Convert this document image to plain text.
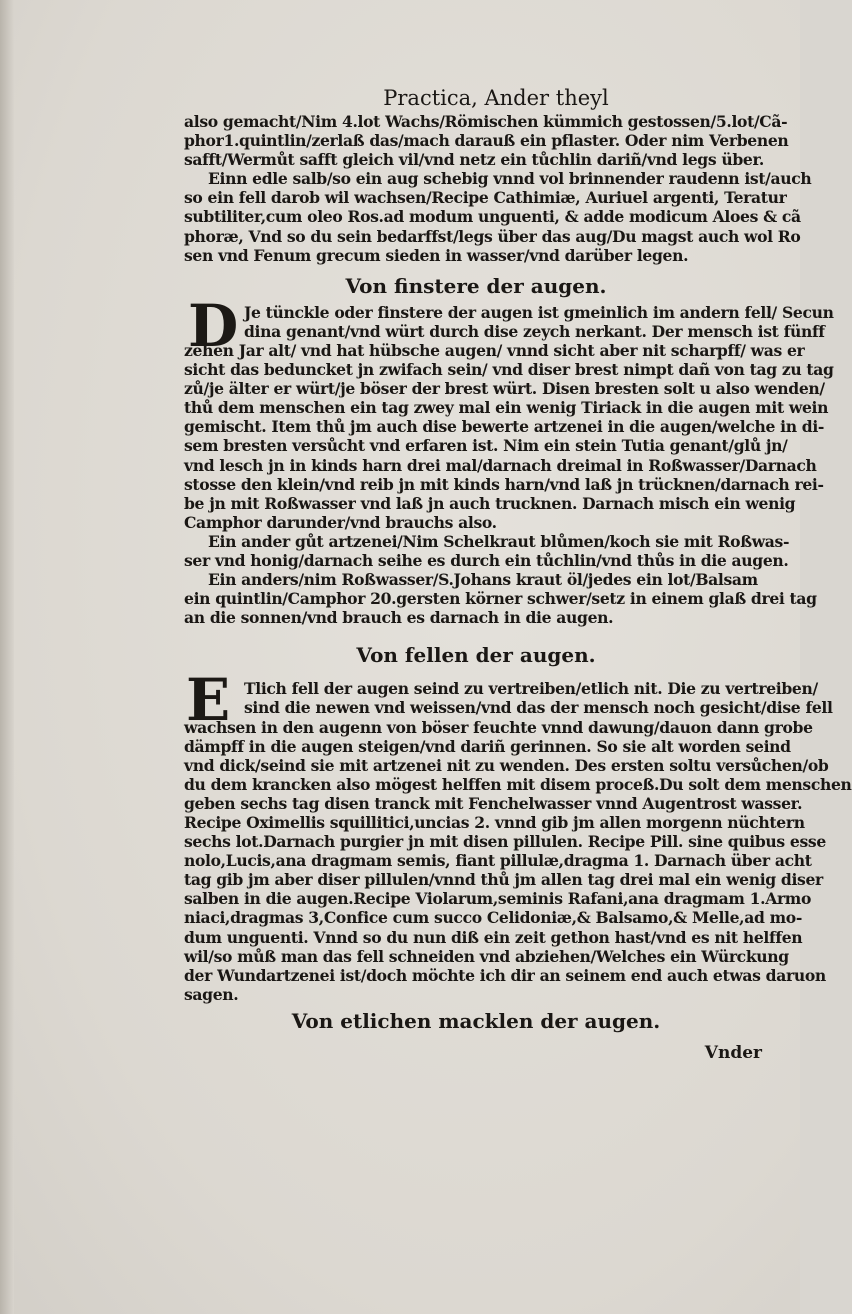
Practica, Ander theyl
also gemacht/Nim 4.lot Wachs/Römischen kümmich gestossen/5.lot/Cã-
phor1.quintlin/zerlaß das/mach darauß ein pflaster. Oder nim Verbenen
safft/Wermůt safft gleich vil/vnd netz ein tůchlin dariñ/vnd legs über.
Einn edle salb/so ein aug schebig vnnd vol brinnender raudenn ist/auch
so ein fell darob wil wachsen/Recipe Cathimiæ, Auriuel argenti, Teratur
subtiliter,cum oleo Ros.ad modum unguenti, & adde modicum Aloes & cã
phoræ, Vnd so du sein bedarffst/legs über das aug/Du magst auch wol Ro
sen vnd Fenum grecum sieden in wasser/vnd darüber legen.
Von finstere der augen.
D Je tünckle oder finstere der augen ist gmeinlich im andern fell/ Secun
dina genant/vnd würt durch dise zeych nerkant. Der mensch ist fünff
zehen Jar alt/ vnd hat hübsche augen/ vnnd sicht aber nit scharpff/ was er
sicht das beduncket jn zwifach sein/ vnd diser brest nimpt dañ von tag zu tag
zů/je älter er würt/je böser der brest würt. Disen bresten solt u also wenden/
thů dem menschen ein tag zwey mal ein wenig Tiriack in die augen mit wein
gemischt. Item thů jm auch dise bewerte artzenei in die augen/welche in di-
sem bresten versůcht vnd erfaren ist. Nim ein stein Tutia genant/glů jn/
vnd lesch jn in kinds harn drei mal/darnach dreimal in Roßwasser/Darnach
stosse den klein/vnd reib jn mit kinds harn/vnd laß jn trücknen/darnach rei-
be jn mit Roßwasser vnd laß jn auch trucknen. Darnach misch ein wenig
Camphor darunder/vnd brauchs also.
Ein ander gůt artzenei/Nim Schelkraut blůmen/koch sie mit Roßwas-
ser vnd honig/darnach seihe es durch ein tůchlin/vnd thůs in die augen.
Ein anders/nim Roßwasser/S.Johans kraut öl/jedes ein lot/Balsam
ein quintlin/Camphor 20.gersten körner schwer/setz in einem glaß drei tag
an die sonnen/vnd brauch es darnach in die augen.
Von fellen der augen.
E Tlich fell der augen seind zu vertreiben/etlich nit. Die zu vertreiben/
sind die newen vnd weissen/vnd das der mensch noch gesicht/dise fell
wachsen in den augenn von böser feuchte vnnd dawung/dauon dann grobe
dämpff in die augen steigen/vnd dariñ gerinnen. So sie alt worden seind
vnd dick/seind sie mit artzenei nit zu wenden. Des ersten soltu versůchen/ob
du dem krancken also mögest helffen mit disem proceß.Du solt dem menschen
geben sechs tag disen tranck mit Fenchelwasser vnnd Augentrost wasser.
Recipe Oximellis squillitici,uncias 2. vnnd gib jm allen morgenn nüchtern
sechs lot.Darnach purgier jn mit disen pillulen. Recipe Pill. sine quibus esse
nolo,Lucis,ana dragmam semis, fiant pillulæ,dragma 1. Darnach über acht
tag gib jm aber diser pillulen/vnnd thů jm allen tag drei mal ein wenig diser
salben in die augen.Recipe Violarum,seminis Rafani,ana dragmam 1.Armo
niaci,dragmas 3,Confice cum succo Celidoniæ,& Balsamo,& Melle,ad mo-
dum unguenti. Vnnd so du nun diß ein zeit gethon hast/vnd es nit helffen
wil/so můß man das fell schneiden vnd abziehen/Welches ein Würckung
der Wundartzenei ist/doch möchte ich dir an seinem end auch etwas daruon
sagen.
Von etlichen macklen der augen.
Vnder
